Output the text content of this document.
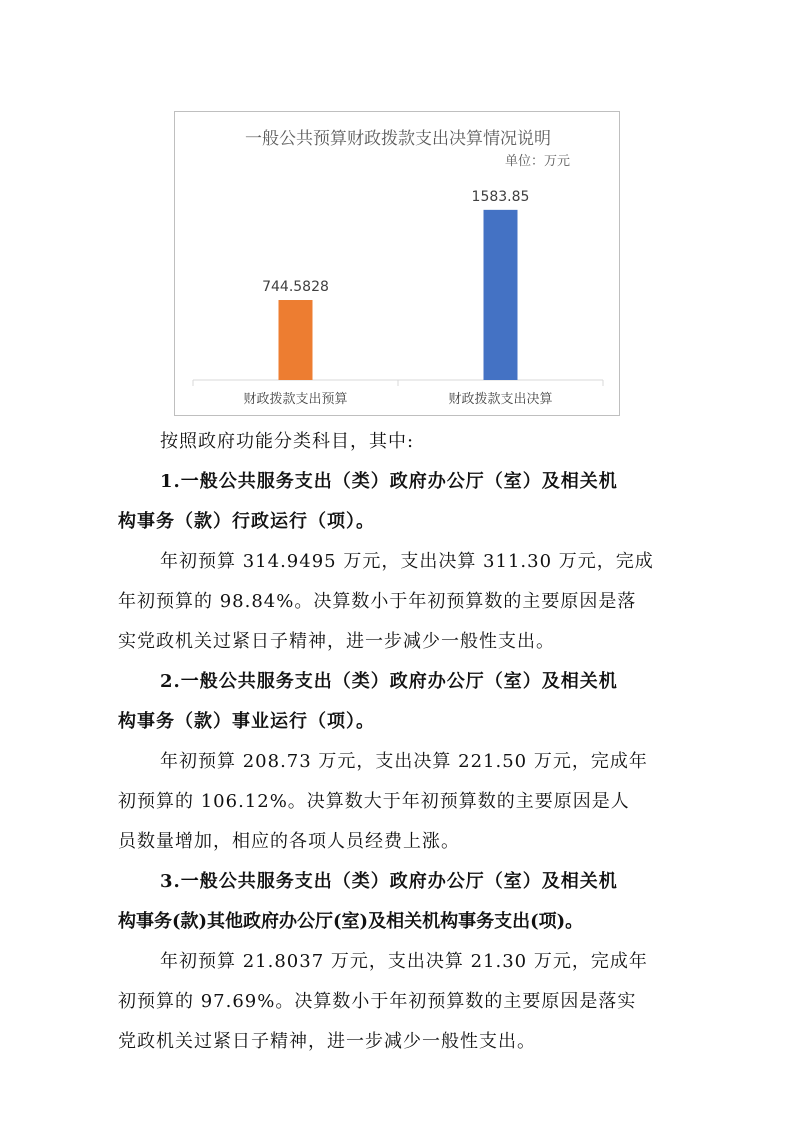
一般公共预算财政拨款支出决算情况说明
单位：万元
744.5828
财政拨款支出预算
1583.85
财政拨款支出决算

按照政府功能分类科目，其中:

1.一般公共服务支出（类）政府办公厅（室）及相关机

构事务（款）行政运行（项）。

年初预算 314.9495 万元，支出决算 311.30 万元，完成

年初预算的 98.84%。决算数小于年初预算数的主要原因是落

实党政机关过紧日子精神，进一步减少一般性支出。

2.一般公共服务支出（类）政府办公厅（室）及相关机

构事务（款）事业运行（项）。

年初预算 208.73 万元，支出决算 221.50 万元，完成年

初预算的 106.12%。决算数大于年初预算数的主要原因是人

员数量增加，相应的各项人员经费上涨。

3.一般公共服务支出（类）政府办公厅（室）及相关机

构事务(款)其他政府办公厅(室)及相关机构事务支出(项)。

年初预算 21.8037 万元，支出决算 21.30 万元，完成年

初预算的 97.69%。决算数小于年初预算数的主要原因是落实

党政机关过紧日子精神，进一步减少一般性支出。
